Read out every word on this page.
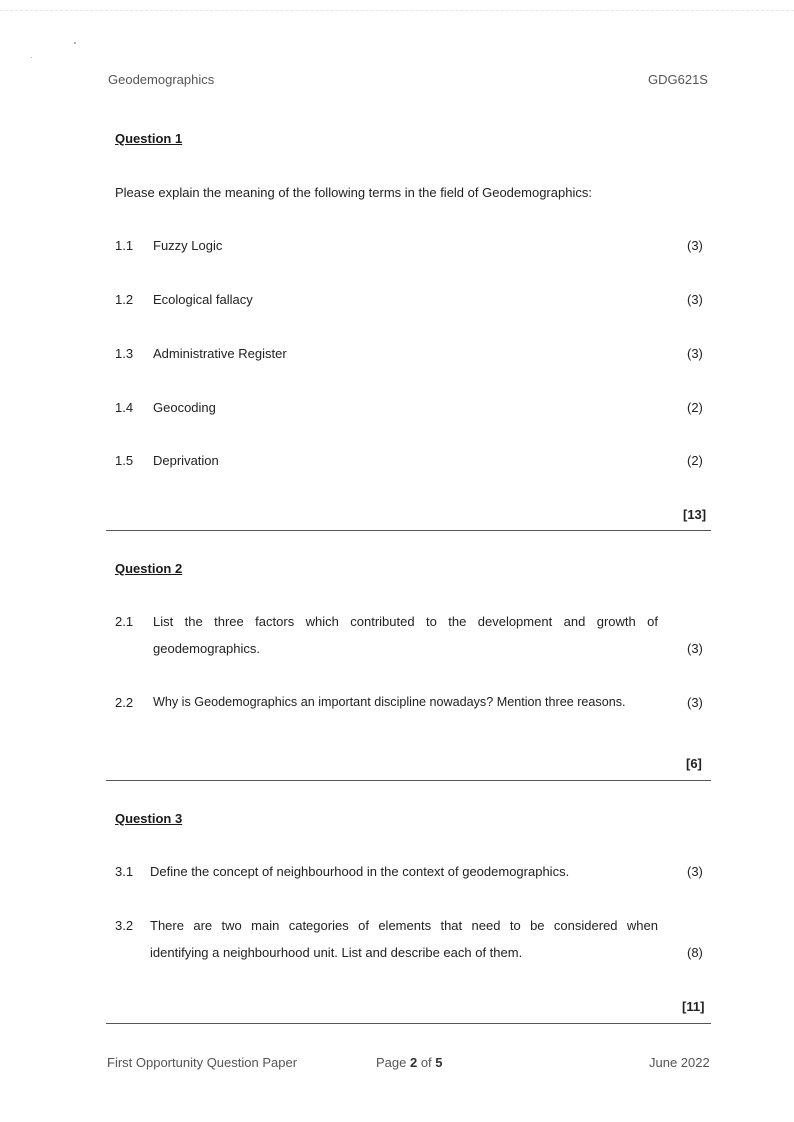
Geodemographics	GDG621S
Question 1
Please explain the meaning of the following terms in the field of Geodemographics:
1.1 Fuzzy Logic	(3)
1.2 Ecological fallacy	(3)
1.3 Administrative Register	(3)
1.4 Geocoding	(2)
1.5 Deprivation	(2)
[13]
Question 2
2.1 List the three factors which contributed to the development and growth of
geodemographics.	(3)
2.2 Why is Geodemographics an important discipline nowadays? Mention three reasons.	(3)
[6]
Question 3
3.1 Define the concept of neighbourhood in the context of geodemographics.	(3)
3.2 There are two main categories of elements that need to be considered when
identifying a neighbourhood unit. List and describe each of them.	(8)
[11]
First Opportunity Question Paper	Page 2 of 5	June 2022
